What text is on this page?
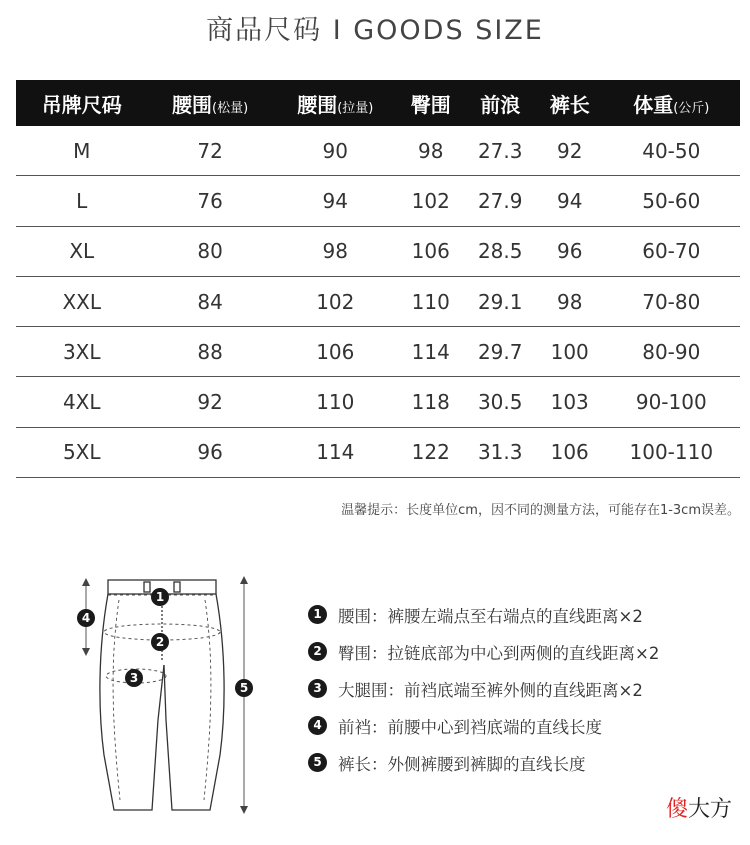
商品尺码 I GOODS SIZE
吊牌尺码	腰围(松量)	腰围(拉量)	臀围	前浪	裤长	体重(公斤)
M	72	90	98	27.3	92	40-50
L	76	94	102	27.9	94	50-60
XL	80	98	106	28.5	96	60-70
XXL	84	102	110	29.1	98	70-80
3XL	88	106	114	29.7	100	80-90
4XL	92	110	118	30.5	103	90-100
5XL	96	114	122	31.3	106	100-110
温馨提示：长度单位cm，因不同的测量方法，可能存在1-3cm误差。
1
2
3
4
5
1 腰围：裤腰左端点至右端点的直线距离×2
2 臀围：拉链底部为中心到两侧的直线距离×2
3 大腿围：前裆底端至裤外侧的直线距离×2
4 前裆：前腰中心到裆底端的直线长度
5 裤长：外侧裤腰到裤脚的直线长度
傻大方
